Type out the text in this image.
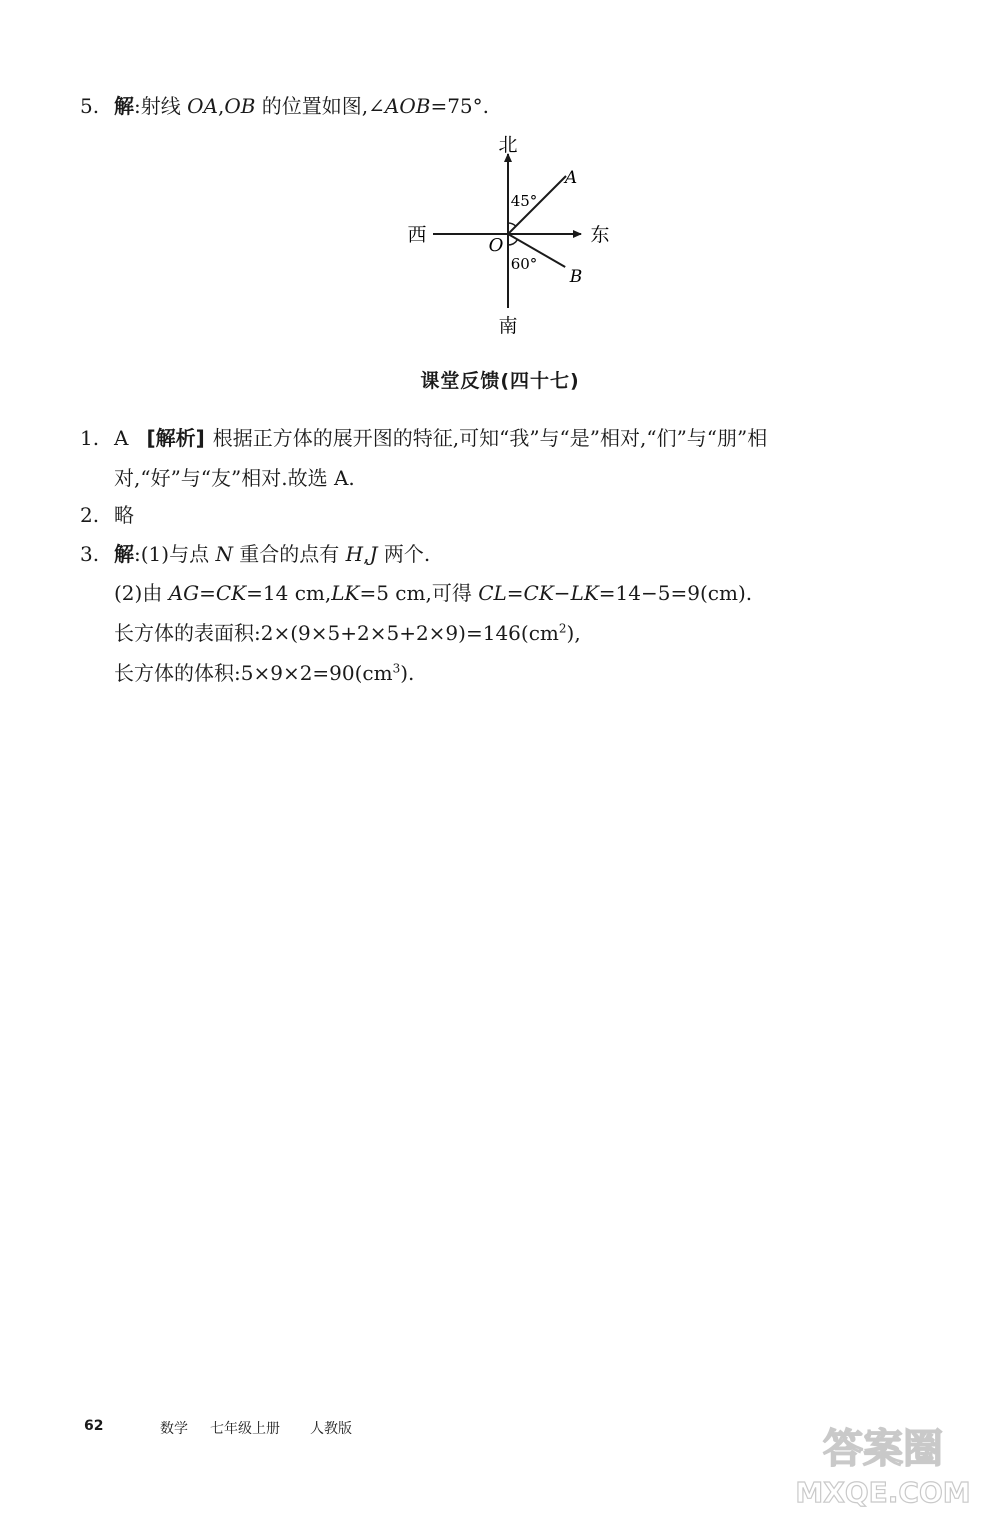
5. 解:射线 OA,OB 的位置如图,∠AOB=75°.
北
南
西	东
O
A
B
45°
60°
课堂反馈(四十七)
1. A [解析] 根据正方体的展开图的特征,可知“我”与“是”相对,“们”与“朋”相
对,“好”与“友”相对.故选 A.
2. 略
3. 解:(1)与点 N 重合的点有 H,J 两个.
(2)由 AG=CK=14 cm,LK=5 cm,可得 CL=CK−LK=14−5=9(cm).
长方体的表面积$:2\times(9\times 5+2\times 5+2\times 9)=146(cm^2)$,
长方体的体积$:5\times 9\times 2=90(cm^3)$.
62	数学 七年级上册 人教版	答案圈
MXQE.COM
